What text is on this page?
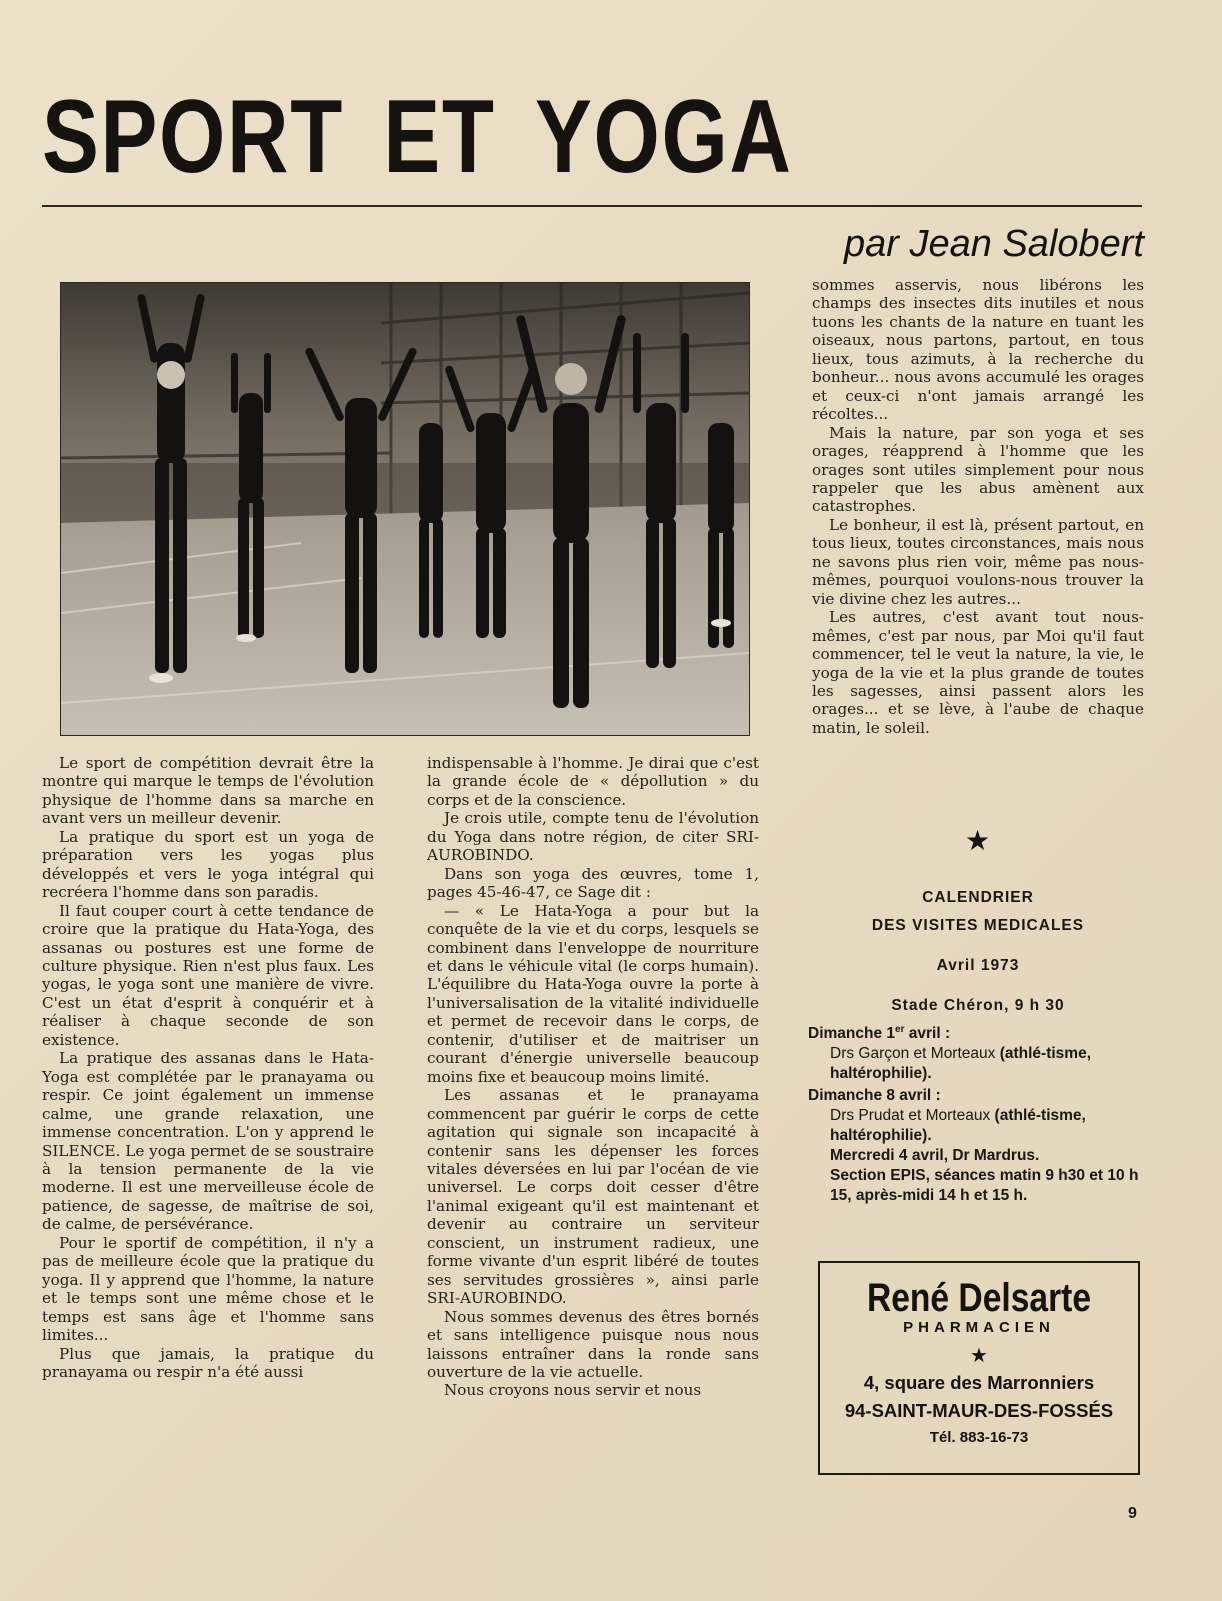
SPORT ET YOGA
par Jean Salobert

Le sport de compétition devrait être la montre qui marque le temps de l'évolution physique de l'homme dans sa marche en avant vers un meilleur devenir.

La pratique du sport est un yoga de préparation vers les yogas plus développés et vers le yoga intégral qui recréera l'homme dans son paradis.

Il faut couper court à cette tendance de croire que la pratique du Hata-Yoga, des assanas ou postures est une forme de culture physique. Rien n'est plus faux. Les yogas, le yoga sont une manière de vivre. C'est un état d'esprit à conquérir et à réaliser à chaque seconde de son existence.

La pratique des assanas dans le Hata-Yoga est complétée par le pranayama ou respir. Ce joint également un immense calme, une grande relaxation, une immense concentration. L'on y apprend le SILENCE. Le yoga permet de se soustraire à la tension permanente de la vie moderne. Il est une merveilleuse école de patience, de sagesse, de maîtrise de soi, de calme, de persévérance.

Pour le sportif de compétition, il n'y a pas de meilleure école que la pratique du yoga. Il y apprend que l'homme, la nature et le temps sont une même chose et le temps est sans âge et l'homme sans limites...

Plus que jamais, la pratique du pranayama ou respir n'a été aussi

indispensable à l'homme. Je dirai que c'est la grande école de « dépollution » du corps et de la conscience.

Je crois utile, compte tenu de l'évolution du Yoga dans notre région, de citer SRI-AUROBINDO.

Dans son yoga des œuvres, tome 1, pages 45-46-47, ce Sage dit :

— « Le Hata-Yoga a pour but la conquête de la vie et du corps, lesquels se combinent dans l'enveloppe de nourriture et dans le véhicule vital (le corps humain). L'équilibre du Hata-Yoga ouvre la porte à l'universalisation de la vitalité individuelle et permet de recevoir dans le corps, de contenir, d'utiliser et de maitriser un courant d'énergie universelle beaucoup moins fixe et beaucoup moins limité.

Les assanas et le pranayama commencent par guérir le corps de cette agitation qui signale son incapacité à contenir sans les dépenser les forces vitales déversées en lui par l'océan de vie universel. Le corps doit cesser d'être l'animal exigeant qu'il est maintenant et devenir au contraire un serviteur conscient, un instrument radieux, une forme vivante d'un esprit libéré de toutes ses servitudes grossières », ainsi parle SRI-AUROBINDO.

Nous sommes devenus des êtres bornés et sans intelligence puisque nous nous laissons entraîner dans la ronde sans ouverture de la vie actuelle.

Nous croyons nous servir et nous

sommes asservis, nous libérons les champs des insectes dits inutiles et nous tuons les chants de la nature en tuant les oiseaux, nous partons, partout, en tous lieux, tous azimuts, à la recherche du bonheur... nous avons accumulé les orages et ceux-ci n'ont jamais arrangé les récoltes...

Mais la nature, par son yoga et ses orages, réapprend à l'homme que les orages sont utiles simplement pour nous rappeler que les abus amènent aux catastrophes.

Le bonheur, il est là, présent partout, en tous lieux, toutes circonstances, mais nous ne savons plus rien voir, même pas nous-mêmes, pourquoi voulons-nous trouver la vie divine chez les autres...

Les autres, c'est avant tout nous-mêmes, c'est par nous, par Moi qu'il faut commencer, tel le veut la nature, la vie, le yoga de la vie et la plus grande de toutes les sagesses, ainsi passent alors les orages... et se lève, à l'aube de chaque matin, le soleil.

★
CALENDRIER
DES VISITES MEDICALES
Avril 1973
Stade Chéron, 9 h 30
Dimanche 1er avril :
Drs Garçon et Morteaux (athlé-tisme, haltérophilie).
Dimanche 8 avril :
Drs Prudat et Morteaux (athlé-tisme, haltérophilie).
Mercredi 4 avril, Dr Mardrus.
Section EPIS, séances matin 9 h30 et 10 h 15, après-midi 14 h et 15 h.
René Delsarte
PHARMACIEN
★
4, square des Marronniers
94-SAINT-MAUR-DES-FOSSÉS
Tél. 883-16-73
9
